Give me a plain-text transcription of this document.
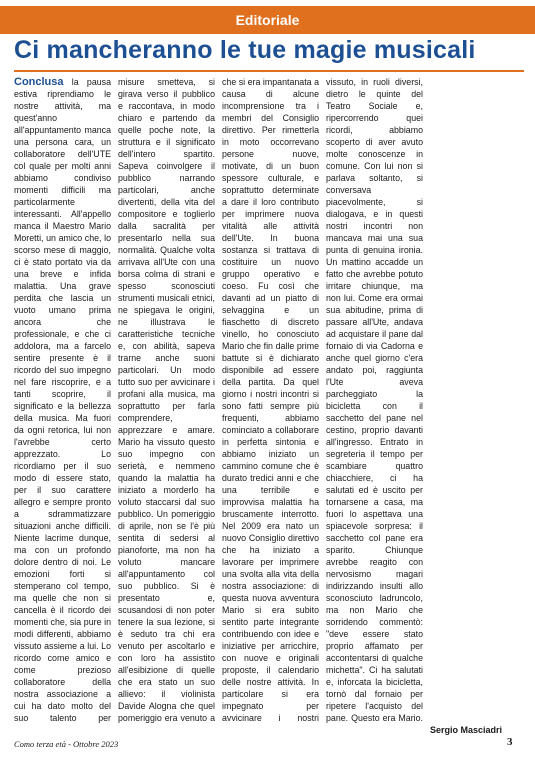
Editoriale
Ci mancheranno le tue magie musicali

Conclusa la pausa estiva riprendiamo le nostre attività, ma quest'anno all'appuntamento manca una persona cara, un collaboratore dell'UTE col quale per molti anni abbiamo condiviso momenti difficili ma particolarmente interessanti. All'appello manca il Maestro Mario Moretti, un amico che, lo scorso mese di maggio, ci è stato portato via da una breve e infida malattia. Una grave perdita che lascia un vuoto umano prima ancora che professionale, e che ci addolora, ma a farcelo sentire presente è il ricordo del suo impegno nel fare riscoprire, e a tanti scoprire, il significato e la bellezza della musica. Ma fuori da ogni retorica, lui non l'avrebbe certo apprezzato. Lo ricordiamo per il suo modo di essere stato, per il suo carattere allegro e sempre pronto a sdrammatizzare situazioni anche difficili. Niente lacrime dunque, ma con un profondo dolore dentro di noi. Le emozioni forti si stemperano col tempo, ma quelle che non si cancella è il ricordo dei momenti che, sia pure in modi differenti, abbiamo vissuto assieme a lui. Lo ricordo come amico e come prezioso collaboratore della nostra associazione a cui ha dato molto del suo talento per

misure smetteva, si girava verso il pubblico e raccontava, in modo chiaro e partendo da quelle poche note, la struttura e il significato dell'intero spartito. Sapeva coinvolgere il pubblico narrando particolari, anche divertenti, della vita del compositore e toglierlo dalla sacralità per presentarlo nella sua normalità. Qualche volta arrivava all'Ute con una borsa colma di strani e spesso sconosciuti strumenti musicali etnici, ne spiegava le origini, ne illustrava le caratteristiche tecniche e, con abilità, sapeva trarne anche suoni particolari. Un modo tutto suo per avvicinare i profani alla musica, ma soprattutto per farla comprendere, apprezzare e amare. Mario ha vissuto questo suo impegno con serietà, e nemmeno quando la malattia ha iniziato a morderlo ha voluto staccarsi dal suo pubblico. Un pomeriggio di aprile, non se l'è più sentita di sedersi al pianoforte, ma non ha voluto mancare all'appuntamento col suo pubblico. Si è presentato e, scusandosi di non poter tenere la sua lezione, si è seduto tra chi era venuto per ascoltarlo e con loro ha assistito all'esibizione di quelle che era stato un suo allievo: il violinista Davide Alogna che quel pomeriggio era venuto a

che si era impantanata a causa di alcune incomprensione tra i membri del Consiglio direttivo. Per rimetterla in moto occorrevano persone nuove, motivate, di un buon spessore culturale, e soprattutto determinate a dare il loro contributo per imprimere nuova vitalità alle attività dell'Ute. In buona sostanza si trattava di costituire un nuovo gruppo operativo e coeso. Fu così che davanti ad un piatto di selvaggina e un fiaschetto di discreto vinello, ho conosciuto Mario che fin dalle prime battute si è dichiarato disponibile ad essere della partita. Da quel giorno i nostri incontri si sono fatti sempre più frequenti, abbiamo cominciato a collaborare in perfetta sintonia e abbiamo iniziato un cammino comune che è durato tredici anni e che una terribile e improvvisa malattia ha bruscamente interrotto. Nel 2009 era nato un nuovo Consiglio direttivo che ha iniziato a lavorare per imprimere una svolta alla vita della nostra associazione: di questa nuova avventura Mario si era subito sentito parte integrante contribuendo con idee e iniziative per arricchire, con nuove e originali proposte, il calendario delle nostre attività. In particolare si era impegnato per avvicinare i nostri

vissuto, in ruoli diversi, dietro le quinte del Teatro Sociale e, ripercorrendo quei ricordi, abbiamo scoperto di aver avuto molte conoscenze in comune. Con lui non si parlava soltanto, si conversava piacevolmente, si dialogava, e in questi nostri incontri non mancava mai una sua punta di genuina ironia. Un mattino accadde un fatto che avrebbe potuto irritare chiunque, ma non lui. Come era ormai sua abitudine, prima di passare all'Ute, andava ad acquistare il pane dal fornaio di via Cadorna e anche quel giorno c'era andato poi, raggiunta l'Ute aveva parcheggiato la bicicletta con il sacchetto del pane nel cestino, proprio davanti all'ingresso. Entrato in segreteria il tempo per scambiare quattro chiacchiere, ci ha salutati ed è uscito per tornarsene a casa, ma fuori lo aspettava una spiacevole sorpresa: il sacchetto col pane era sparito. Chiunque avrebbe reagito con nervosismo magari indirizzando insulti allo sconosciuto ladruncolo, ma non Mario che sorridendo commentò: "deve essere stato proprio affamato per accontentarsi di qualche michetta". Ci ha salutati e, inforcata la bicicletta, tornò dal fornaio per ripetere l'acquisto del pane. Questo era Mario.

Sergio Masciadri
Como terza età - Ottobre 2023	3
